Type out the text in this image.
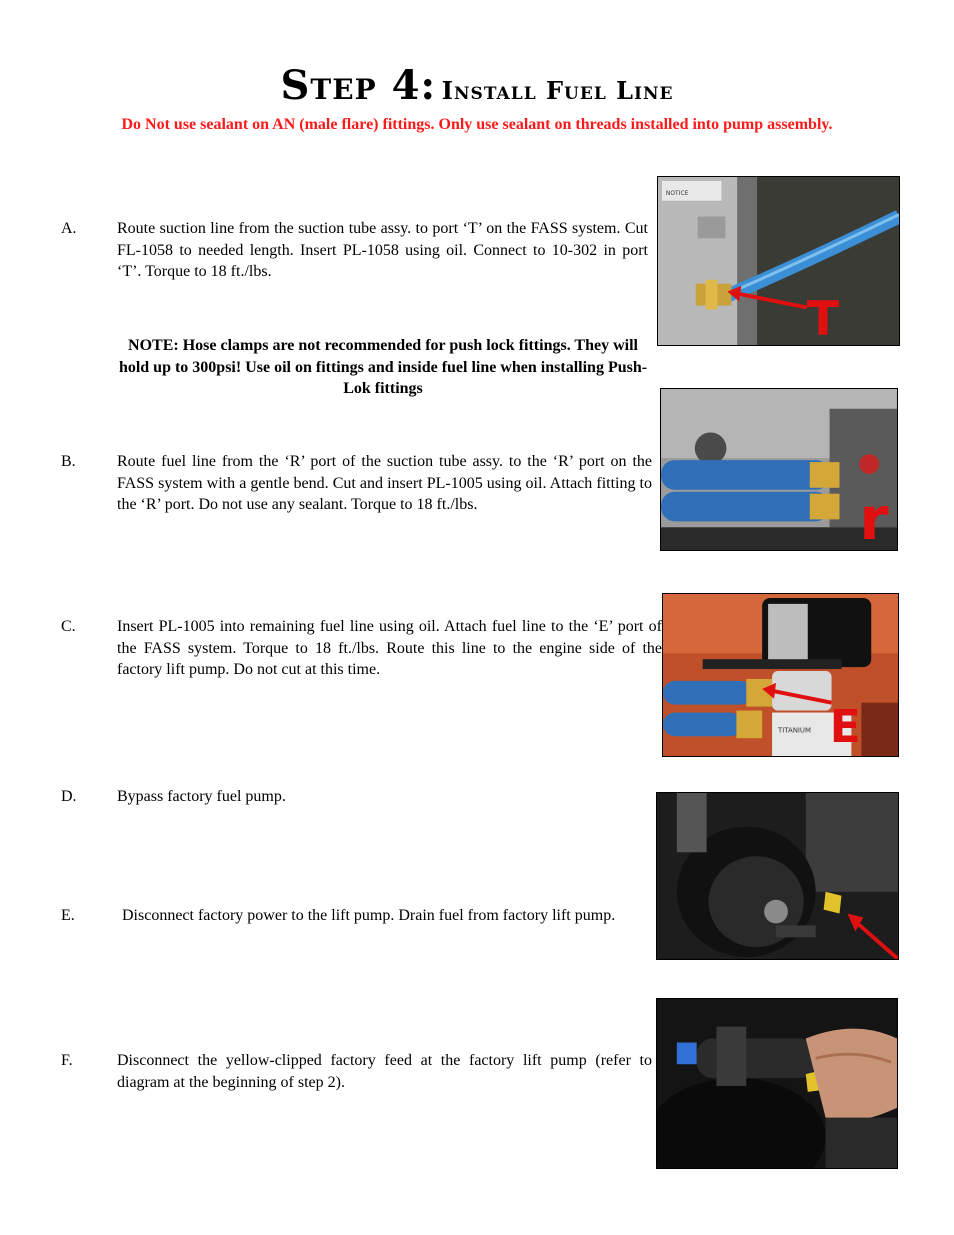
Step 4: Install Fuel Line
Do Not use sealant on AN (male flare) fittings. Only use sealant on threads installed into pump assembly.
A.	Route suction line from the suction tube assy. to port ‘T’ on the FASS system. Cut FL-1058 to needed length. Insert PL-1058 using oil. Connect to 10-302 in port ‘T’. Torque to 18 ft./lbs.
NOTE: Hose clamps are not recommended for push lock fittings. They will hold up to 300psi! Use oil on fittings and inside fuel line when installing Push-Lok fittings
B.	Route fuel line from the ‘R’ port of the suction tube assy. to the ‘R’ port on the FASS system with a gentle bend. Cut and insert PL-1005 using oil. Attach fitting to the ‘R’ port. Do not use any sealant. Torque to 18 ft./lbs.
C.	Insert PL-1005 into remaining fuel line using oil. Attach fuel line to the ‘E’ port of the FASS system. Torque to 18 ft./lbs. Route this line to the engine side of the factory lift pump. Do not cut at this time.
D.	Bypass factory fuel pump.
E.	Disconnect factory power to the lift pump. Drain fuel from factory lift pump.
F.	Disconnect the yellow-clipped factory feed at the factory lift pump (refer to diagram at the beginning of step 2).
NOTICE
T
r
TITANIUM E
